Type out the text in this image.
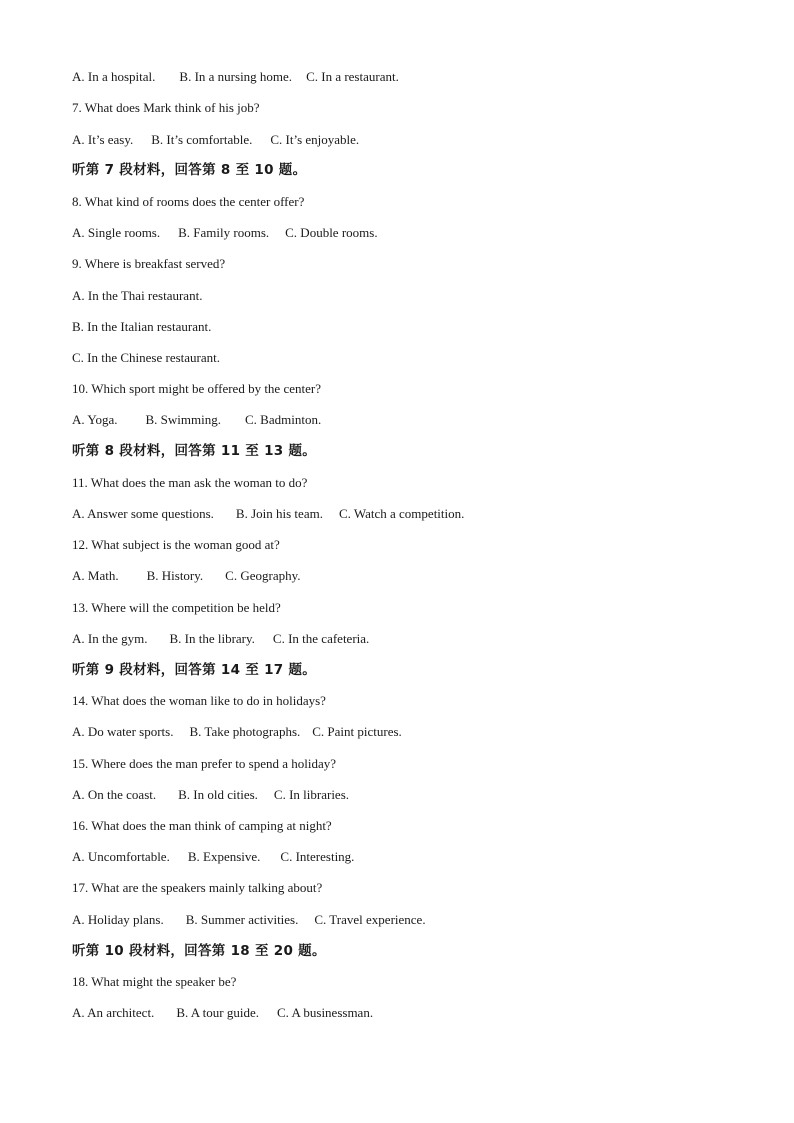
A. In a hospital. B. In a nursing home. C. In a restaurant.
7. What does Mark think of his job?
A. It’s easy. B. It’s comfortable. C. It’s enjoyable.
听第 7 段材料，回答第 8 至 10 题。
8. What kind of rooms does the center offer?
A. Single rooms. B. Family rooms. C. Double rooms.
9. Where is breakfast served?
A. In the Thai restaurant.
B. In the Italian restaurant.
C. In the Chinese restaurant.
10. Which sport might be offered by the center?
A. Yoga. B. Swimming. C. Badminton.
听第 8 段材料，回答第 11 至 13 题。
11. What does the man ask the woman to do?
A. Answer some questions. B. Join his team. C. Watch a competition.
12. What subject is the woman good at?
A. Math. B. History. C. Geography.
13. Where will the competition be held?
A. In the gym. B. In the library. C. In the cafeteria.
听第 9 段材料，回答第 14 至 17 题。
14. What does the woman like to do in holidays?
A. Do water sports. B. Take photographs. C. Paint pictures.
15. Where does the man prefer to spend a holiday?
A. On the coast. B. In old cities. C. In libraries.
16. What does the man think of camping at night?
A. Uncomfortable. B. Expensive. C. Interesting.
17. What are the speakers mainly talking about?
A. Holiday plans. B. Summer activities. C. Travel experience.
听第 10 段材料，回答第 18 至 20 题。
18. What might the speaker be?
A. An architect. B. A tour guide. C. A businessman.
